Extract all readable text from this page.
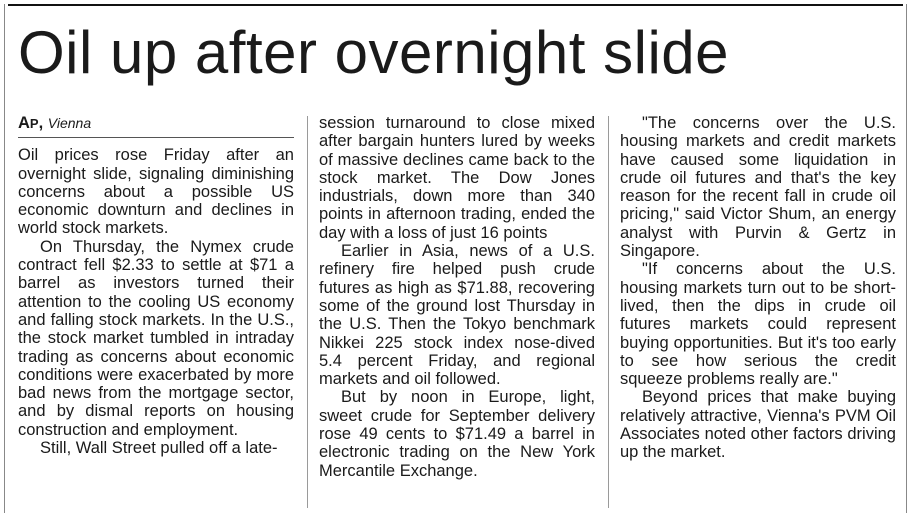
Oil up after overnight slide
AP, Vienna

Oil prices rose Friday after an overnight slide, signaling diminishing concerns about a possible US economic downturn and declines in world stock markets.

On Thursday, the Nymex crude contract fell $2.33 to settle at $71 a barrel as investors turned their attention to the cooling US economy and falling stock markets. In the U.S., the stock market tumbled in intraday trading as concerns about economic conditions were exacerbated by more bad news from the mortgage sector, and by dismal reports on housing construction and employment.

Still, Wall Street pulled off a late-

session turnaround to close mixed after bargain hunters lured by weeks of massive declines came back to the stock market. The Dow Jones industrials, down more than 340 points in afternoon trading, ended the day with a loss of just 16 points

Earlier in Asia, news of a U.S. refinery fire helped push crude futures as high as $71.88, recovering some of the ground lost Thursday in the U.S. Then the Tokyo benchmark Nikkei 225 stock index nose-dived 5.4 percent Friday, and regional markets and oil followed.

But by noon in Europe, light, sweet crude for September delivery rose 49 cents to $71.49 a barrel in electronic trading on the New York Mercantile Exchange.

"The concerns over the U.S. housing markets and credit markets have caused some liquidation in crude oil futures and that's the key reason for the recent fall in crude oil pricing," said Victor Shum, an energy analyst with Purvin & Gertz in Singapore.

"If concerns about the U.S. housing markets turn out to be short-lived, then the dips in crude oil futures markets could represent buying opportunities. But it's too early to see how serious the credit squeeze problems really are."

Beyond prices that make buying relatively attractive, Vienna's PVM Oil Associates noted other factors driving up the market.
